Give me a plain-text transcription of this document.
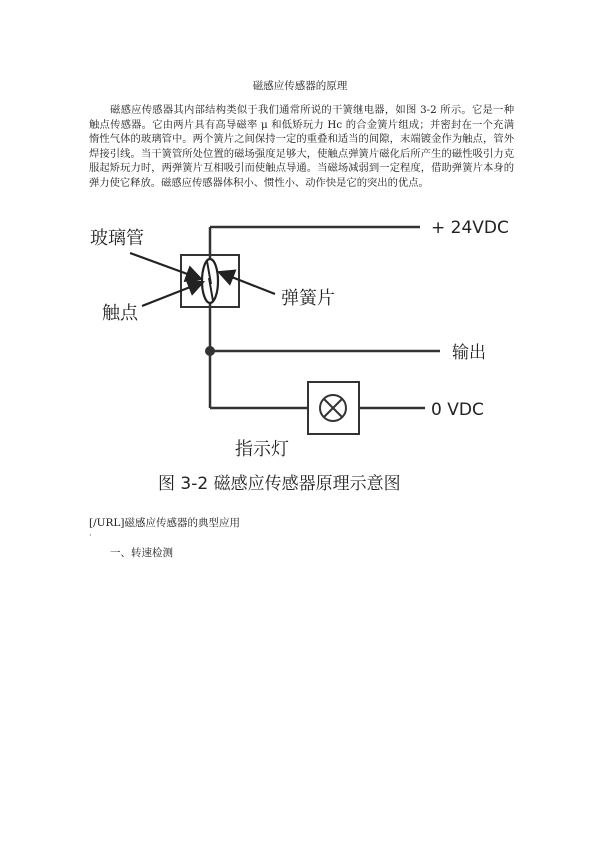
磁感应传感器的原理
磁感应传感器其内部结构类似于我们通常所说的干簧继电器，如图 3-2 所示。它是一种触点传感器。它由两片具有高导磁率 μ 和低矫玩力 Hc 的合金簧片组成；并密封在一个充满惰性气体的玻璃管中。两个簧片之间保持一定的重叠和适当的间隙，末端镀金作为触点，管外焊接引线。当干簧管所处位置的磁场强度足够大，使触点弹簧片磁化后所产生的磁性吸引力克服起矫玩力时，两弹簧片互相吸引而使触点导通。当磁场减弱到一定程度，借助弹簧片本身的弹力使它释放。磁感应传感器体积小、惯性小、动作快是它的突出的优点。
玻璃管
触点
弹簧片
+ 24VDC
输出
0 VDC
指示灯
图 3-2 磁感应传感器原理示意图
[/URL]磁感应传感器的典型应用
·
一、转速检测
